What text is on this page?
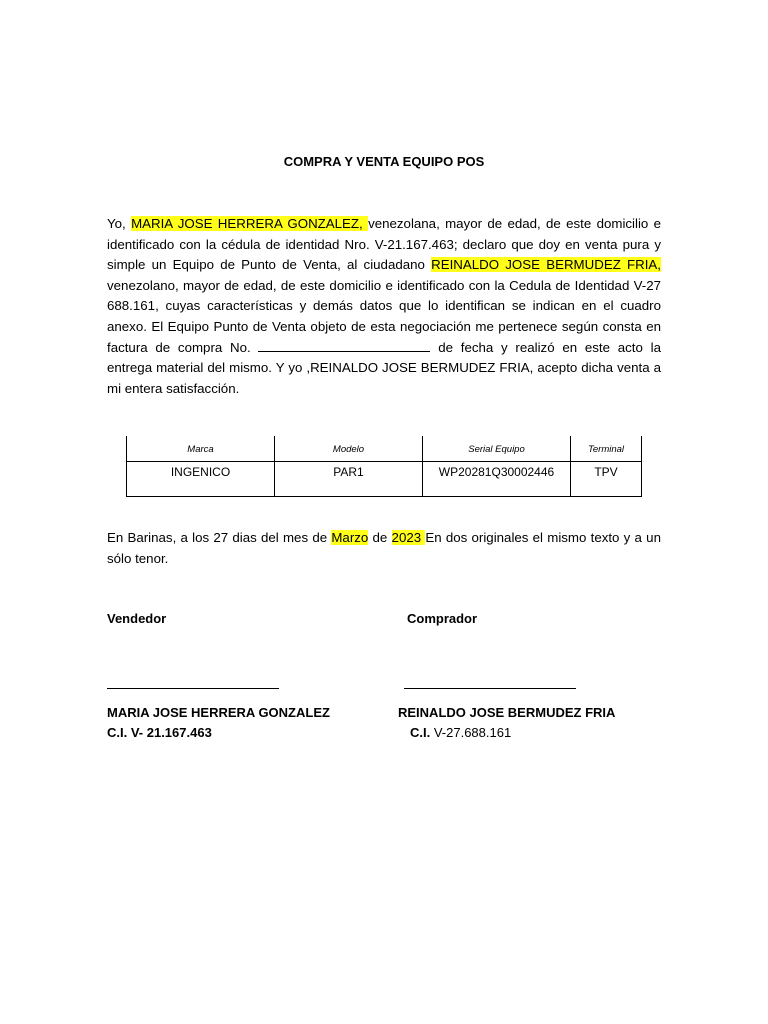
COMPRA Y VENTA EQUIPO POS
Yo, MARIA JOSE HERRERA GONZALEZ, venezolana, mayor de edad, de este domicilio e identificado con la cédula de identidad Nro. V-21.167.463; declaro que doy en venta pura y simple un Equipo de Punto de Venta, al ciudadano REINALDO JOSE BERMUDEZ FRIA, venezolano, mayor de edad, de este domicilio e identificado con la Cedula de Identidad V-27 688.161, cuyas características y demás datos que lo identifican se indican en el cuadro anexo. El Equipo Punto de Venta objeto de esta negociación me pertenece según consta en factura de compra No.	de fecha y realizó en este acto la entrega material del mismo. Y yo ,REINALDO JOSE BERMUDEZ FRIA, acepto dicha venta a mi entera satisfacción.
Marca	Modelo	Serial Equipo	Terminal
INGENICO	PAR1	WP20281Q30002446	TPV
En Barinas, a los 27 dias del mes de Marzo de 2023 En dos originales el mismo texto y a un sólo tenor.
Vendedor	Comprador
MARIA JOSE HERRERA GONZALEZ	REINALDO JOSE BERMUDEZ FRIA
C.I. V- 21.167.463	C.I. V-27.688.161
